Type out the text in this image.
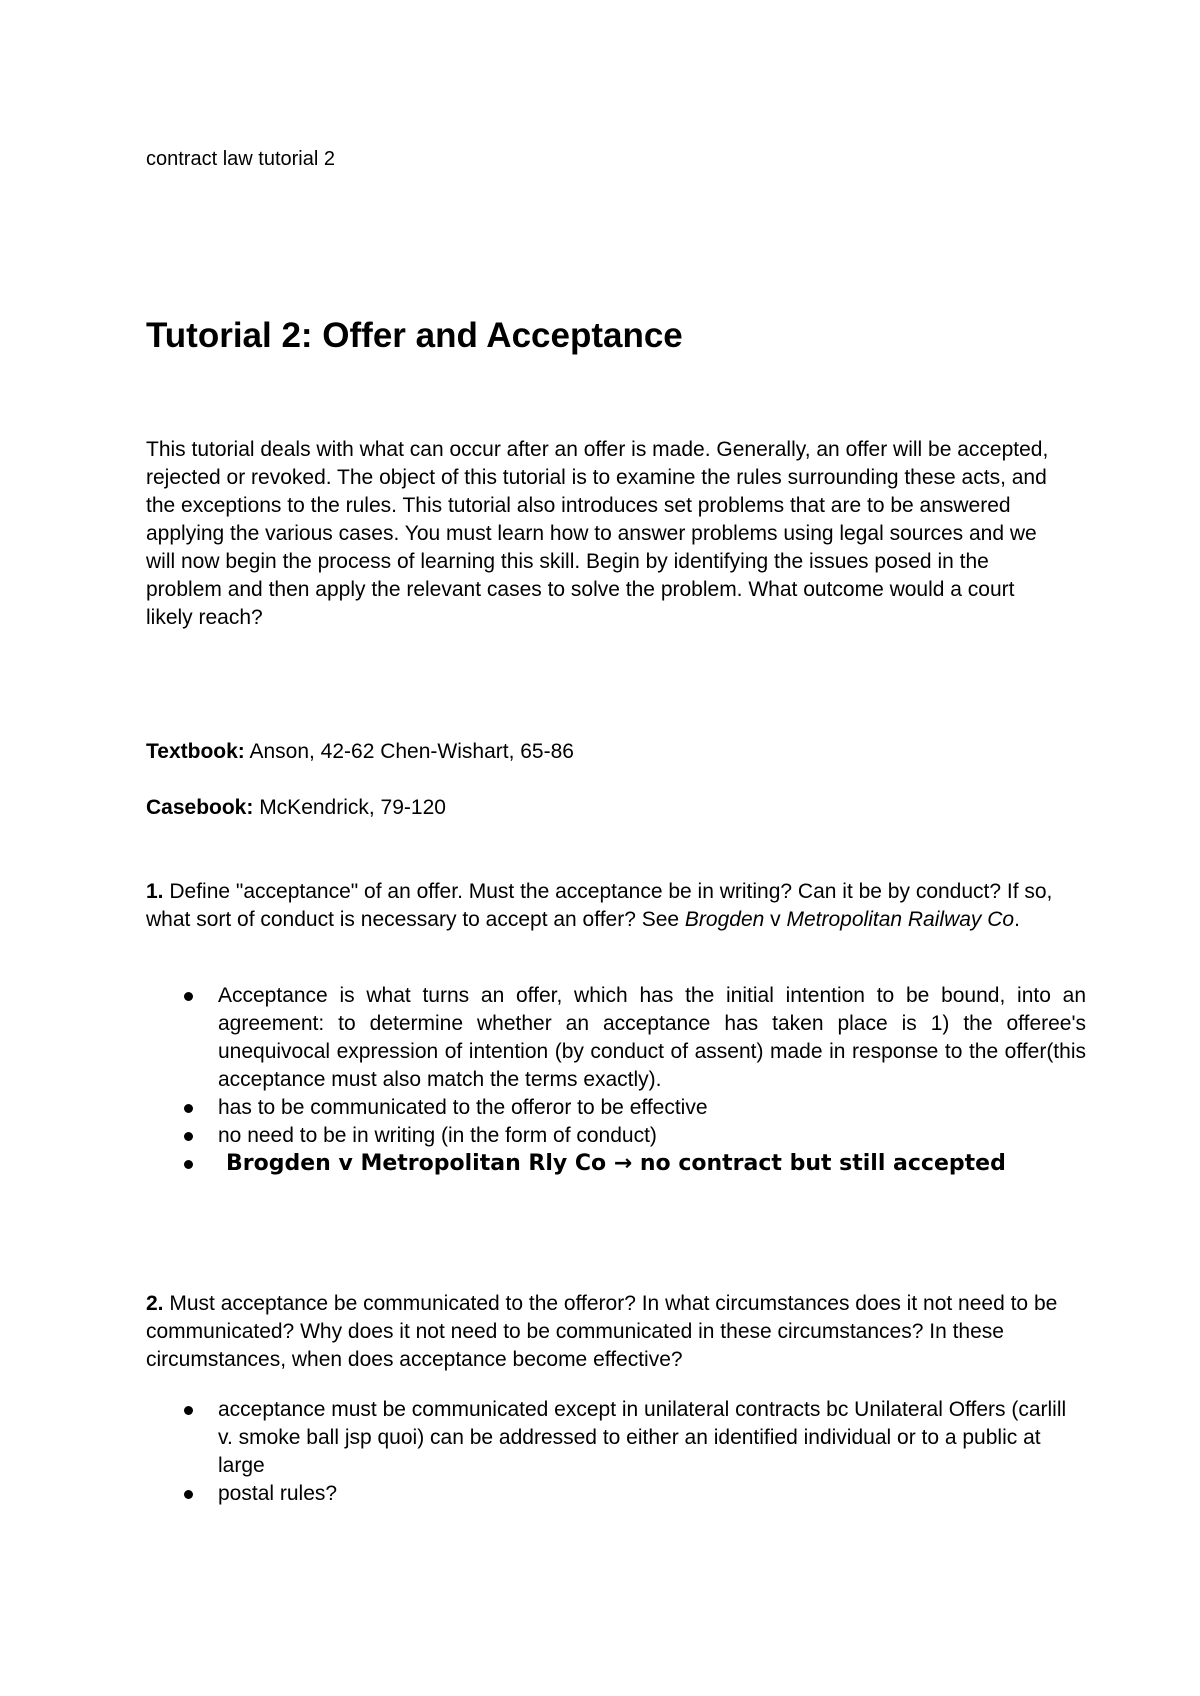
contract law tutorial 2
Tutorial 2: Offer and Acceptance

This tutorial deals with what can occur after an offer is made. Generally, an offer will be accepted, rejected or revoked. The object of this tutorial is to examine the rules surrounding these acts, and the exceptions to the rules. This tutorial also introduces set problems that are to be answered applying the various cases. You must learn how to answer problems using legal sources and we will now begin the process of learning this skill. Begin by identifying the issues posed in the problem and then apply the relevant cases to solve the problem. What outcome would a court likely reach?

Textbook: Anson, 42-62 Chen-Wishart, 65-86

Casebook: McKendrick, 79-120

1. Define "acceptance" of an offer. Must the acceptance be in writing? Can it be by conduct? If so, what sort of conduct is necessary to accept an offer? See Brogden v Metropolitan Railway Co.

Acceptance is what turns an offer, which has the initial intention to be bound, into an agreement: to determine whether an acceptance has taken place is 1) the offeree's unequivocal expression of intention (by conduct of assent) made in response to the offer(this acceptance must also match the terms exactly).
has to be communicated to the offeror to be effective
no need to be in writing (in the form of conduct)
Brogden v Metropolitan Rly Co → no contract but still accepted

2. Must acceptance be communicated to the offeror? In what circumstances does it not need to be communicated? Why does it not need to be communicated in these circumstances? In these circumstances, when does acceptance become effective?

acceptance must be communicated except in unilateral contracts bc Unilateral Offers (carlill v. smoke ball jsp quoi) can be addressed to either an identified individual or to a public at large
postal rules?
